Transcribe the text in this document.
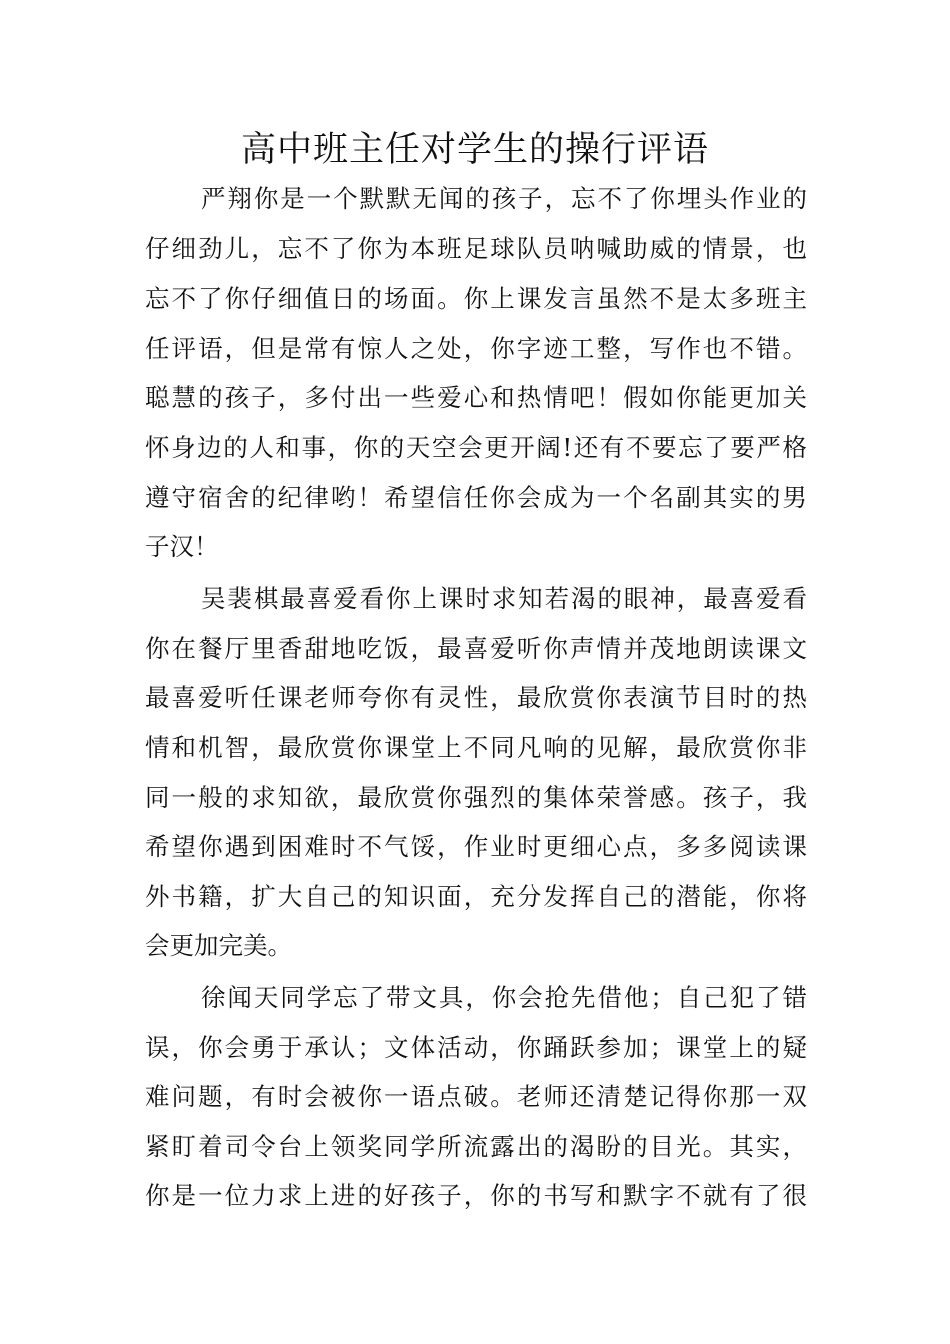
高中班主任对学生的操行评语

严翔你是一个默默无闻的孩子，忘不了你埋头作业的

仔细劲儿，忘不了你为本班足球队员呐喊助威的情景，也

忘不了你仔细值日的场面。你上课发言虽然不是太多班主

任评语，但是常有惊人之处，你字迹工整，写作也不错。

聪慧的孩子，多付出一些爱心和热情吧！假如你能更加关

怀身边的人和事，你的天空会更开阔!还有不要忘了要严格

遵守宿舍的纪律哟！希望信任你会成为一个名副其实的男

子汉！

吴裴棋最喜爱看你上课时求知若渴的眼神，最喜爱看

你在餐厅里香甜地吃饭，最喜爱听你声情并茂地朗读课文

最喜爱听任课老师夸你有灵性，最欣赏你表演节目时的热

情和机智，最欣赏你课堂上不同凡响的见解，最欣赏你非

同一般的求知欲，最欣赏你强烈的集体荣誉感。孩子，我

希望你遇到困难时不气馁，作业时更细心点，多多阅读课

外书籍，扩大自己的知识面，充分发挥自己的潜能，你将

会更加完美。

徐闻天同学忘了带文具，你会抢先借他；自己犯了错

误，你会勇于承认；文体活动，你踊跃参加；课堂上的疑

难问题，有时会被你一语点破。老师还清楚记得你那一双

紧盯着司令台上领奖同学所流露出的渴盼的目光。其实，

你是一位力求上进的好孩子，你的书写和默字不就有了很
